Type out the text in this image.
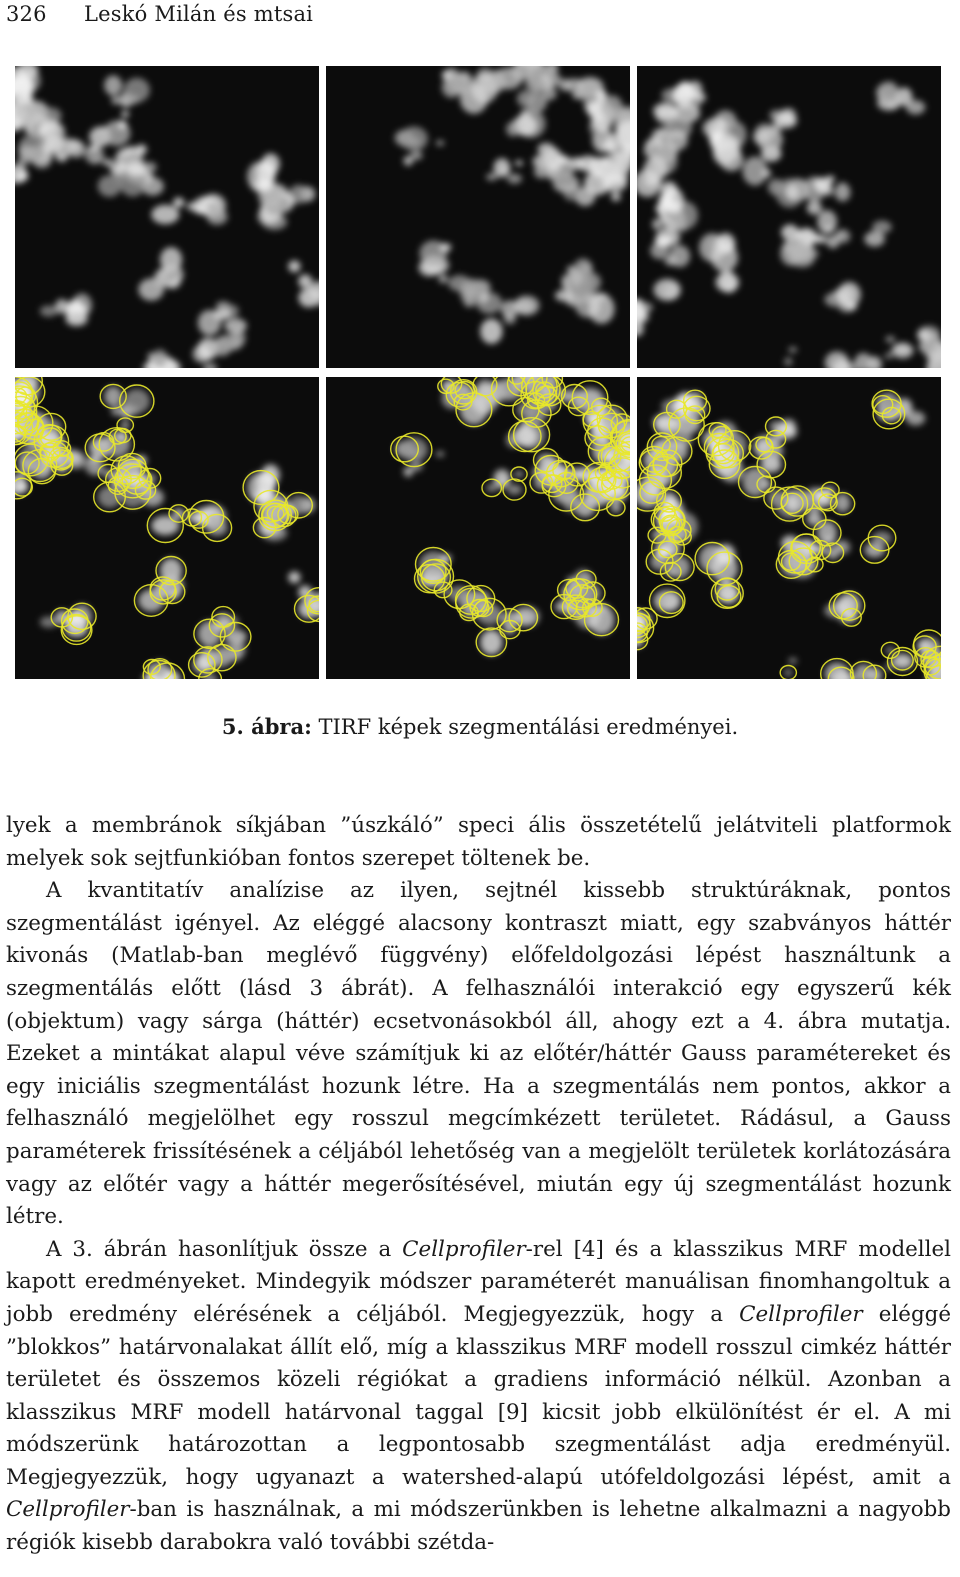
326 Leskó Milán és mtsai
5. ábra: TIRF képek szegmentálási eredményei.

lyek a membránok síkjában ”úszkáló” speci ális összetételű jelátviteli platformok melyek sok sejtfunkióban fontos szerepet töltenek be.

A kvantitatív analízise az ilyen, sejtnél kissebb struktúráknak, pontos szegmentálást igényel. Az eléggé alacsony kontraszt miatt, egy szabványos háttér kivonás (Matlab-ban meglévő függvény) előfeldolgozási lépést használtunk a szegmentálás előtt (lásd 3 ábrát). A felhasználói interakció egy egyszerű kék (objektum) vagy sárga (háttér) ecsetvonásokból áll, ahogy ezt a 4. ábra mutatja. Ezeket a mintákat alapul véve számítjuk ki az előtér/háttér Gauss paramétereket és egy iniciális szegmentálást hozunk létre. Ha a szegmentálás nem pontos, akkor a felhasználó megjelölhet egy rosszul megcímkézett területet. Rádásul, a Gauss paraméterek frissítésének a céljából lehetőség van a megjelölt területek korlátozására vagy az előtér vagy a háttér megerősítésével, miután egy új szegmentálást hozunk létre.

A 3. ábrán hasonlítjuk össze a Cellprofiler-rel [4] és a klasszikus MRF modellel kapott eredményeket. Mindegyik módszer paraméterét manuálisan finomhangoltuk a jobb eredmény elérésének a céljából. Megjegyezzük, hogy a Cellprofiler eléggé ”blokkos” határvonalakat állít elő, míg a klasszikus MRF modell rosszul cimkéz háttér területet és összemos közeli régiókat a gradiens információ nélkül. Azonban a klasszikus MRF modell határvonal taggal [9] kicsit jobb elkülönítést ér el. A mi módszerünk határozottan a legpontosabb szegmentálást adja eredményül. Megjegyezzük, hogy ugyanazt a watershed-alapú utófeldolgozási lépést, amit a Cellprofiler-ban is használnak, a mi módszerünkben is lehetne alkalmazni a nagyobb régiók kisebb darabokra való további szétda-
